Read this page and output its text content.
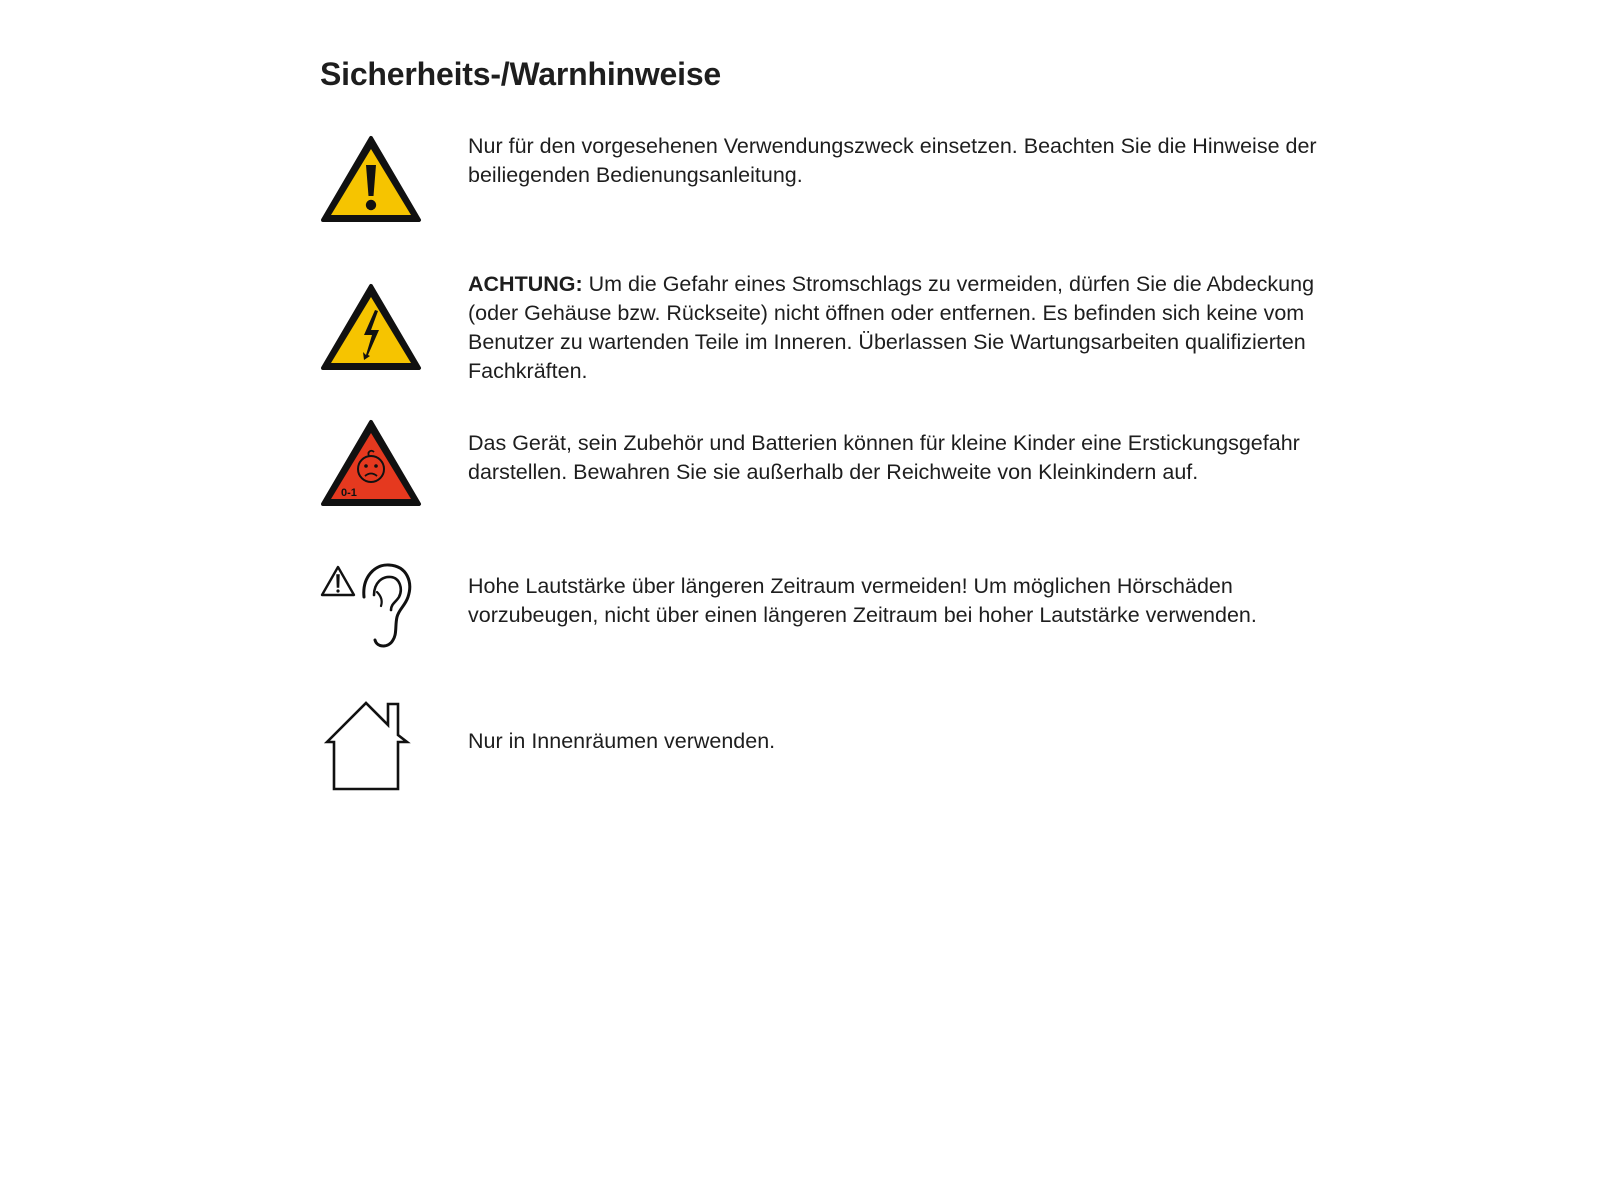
Sicherheits-/Warnhinweise
Nur für den vorgesehenen Verwendungszweck einsetzen. Beachten Sie die Hinweise der beiliegenden Bedienungsanleitung.
ACHTUNG: Um die Gefahr eines Stromschlags zu vermeiden, dürfen Sie die Abdeckung (oder Gehäuse bzw. Rückseite) nicht öffnen oder entfernen. Es befinden sich keine vom Benutzer zu wartenden Teile im Inneren. Überlassen Sie Wartungsarbeiten qualifizierten Fachkräften.
0-1
Das Gerät, sein Zubehör und Batterien können für kleine Kinder eine Erstickungsgefahr darstellen. Bewahren Sie sie außerhalb der Reichweite von Kleinkindern auf.
Hohe Lautstärke über längeren Zeitraum vermeiden! Um möglichen Hörschäden vorzubeugen, nicht über einen längeren Zeitraum bei hoher Lautstärke verwenden.
Nur in Innenräumen verwenden.
